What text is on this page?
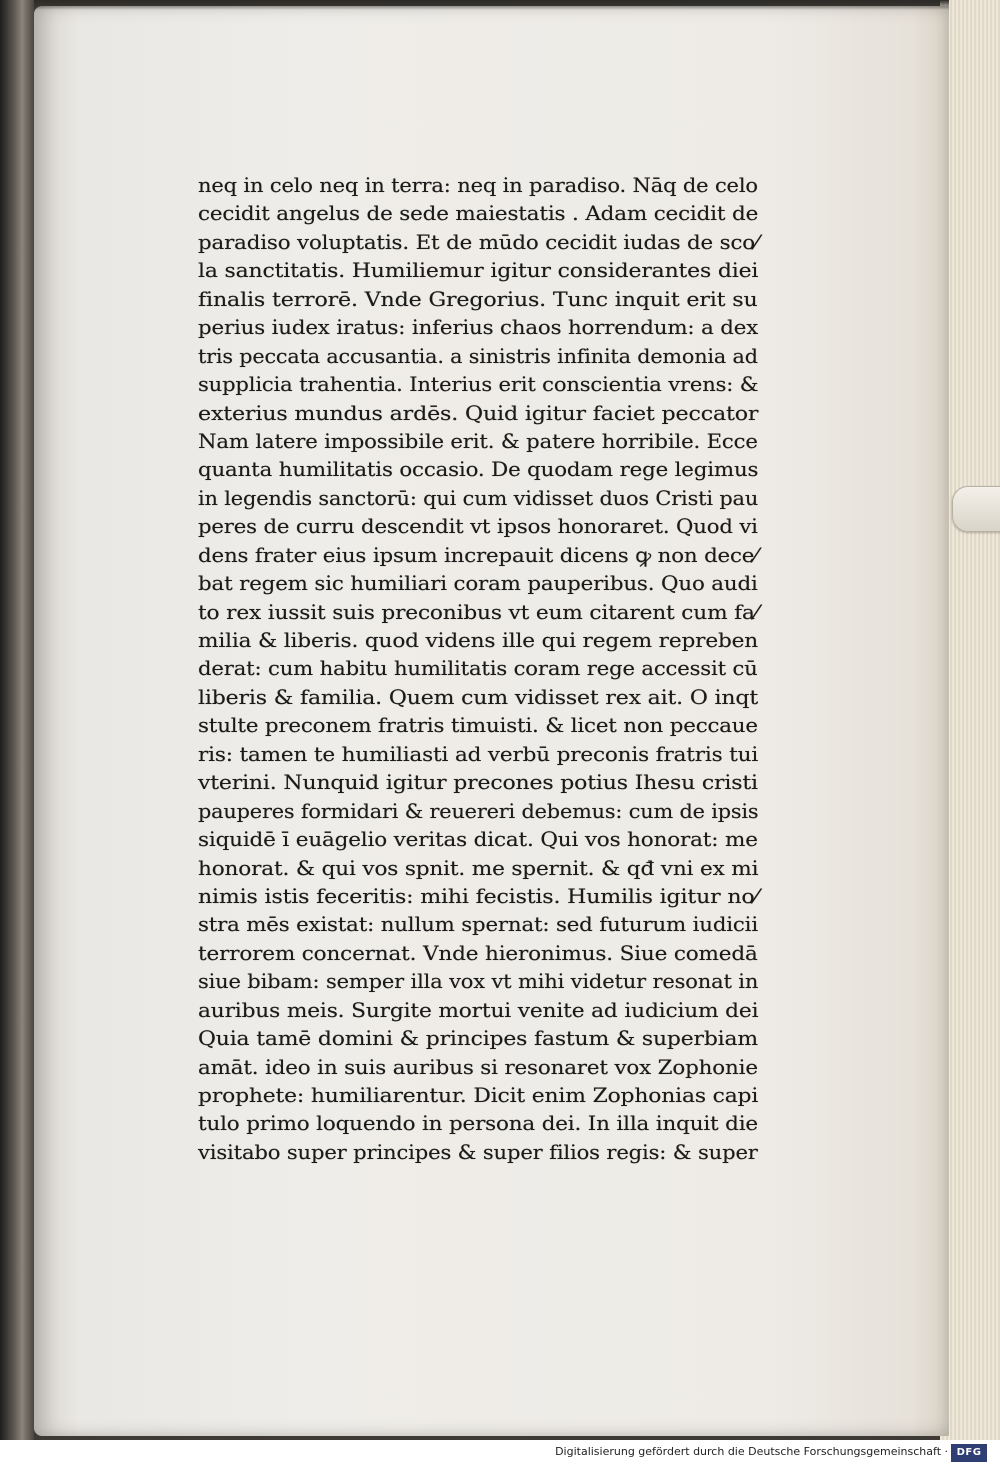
neq in celo neq in terra: neq in paradiso. Nāq de celo
cecidit angelus de sede maiestatis . Adam cecidit de
paradiso voluptatis. Et de mūdo cecidit iudas de sco⁄
la sanctitatis. Humiliemur igitur considerantes diei
finalis terrorē. Vnde Gregorius. Tunc inquit erit su
perius iudex iratus: inferius chaos horrendum: a dex
tris peccata accusantia. a sinistris infinita demonia ad
supplicia trahentia. Interius erit conscientia vrens: &
exterius mundus ardēs. Quid igitur faciet peccator
Nam latere impossibile erit. & patere horribile. Ecce
quanta humilitatis occasio. De quodam rege legimus
in legendis sanctorū: qui cum vidisset duos Cristi pau
peres de curru descendit vt ipsos honoraret. Quod vi
dens frater eius ipsum increpauit dicens ꝙ non dece⁄
bat regem sic humiliari coram pauperibus. Quo audi
to rex iussit suis preconibus vt eum citarent cum fa⁄
milia & liberis. quod videns ille qui regem repreben
derat: cum habitu humilitatis coram rege accessit cū
liberis & familia. Quem cum vidisset rex ait. O inqt
stulte preconem fratris timuisti. & licet non peccaue
ris: tamen te humiliasti ad verbū preconis fratris tui
vterini. Nunquid igitur precones potius Ihesu cristi
pauperes formidari & reuereri debemus: cum de ipsis
siquidē ī euāgelio veritas dicat. Qui vos honorat: me
honorat. & qui vos spnit. me spernit. & qđ vni ex mi
nimis istis feceritis: mihi fecistis. Humilis igitur no⁄
stra mēs existat: nullum spernat: sed futurum iudicii
terrorem concernat. Vnde hieronimus. Siue comedā
siue bibam: semper illa vox vt mihi videtur resonat in
auribus meis. Surgite mortui venite ad iudicium dei
Quia tamē domini & principes fastum & superbiam
amāt. ideo in suis auribus si resonaret vox Zophonie
prophete: humiliarentur. Dicit enim Zophonias capi
tulo primo loquendo in persona dei. In illa inquit die
visitabo super principes & super filios regis: & super
Digitalisierung gefördert durch die Deutsche Forschungsgemeinschaft · DFG
